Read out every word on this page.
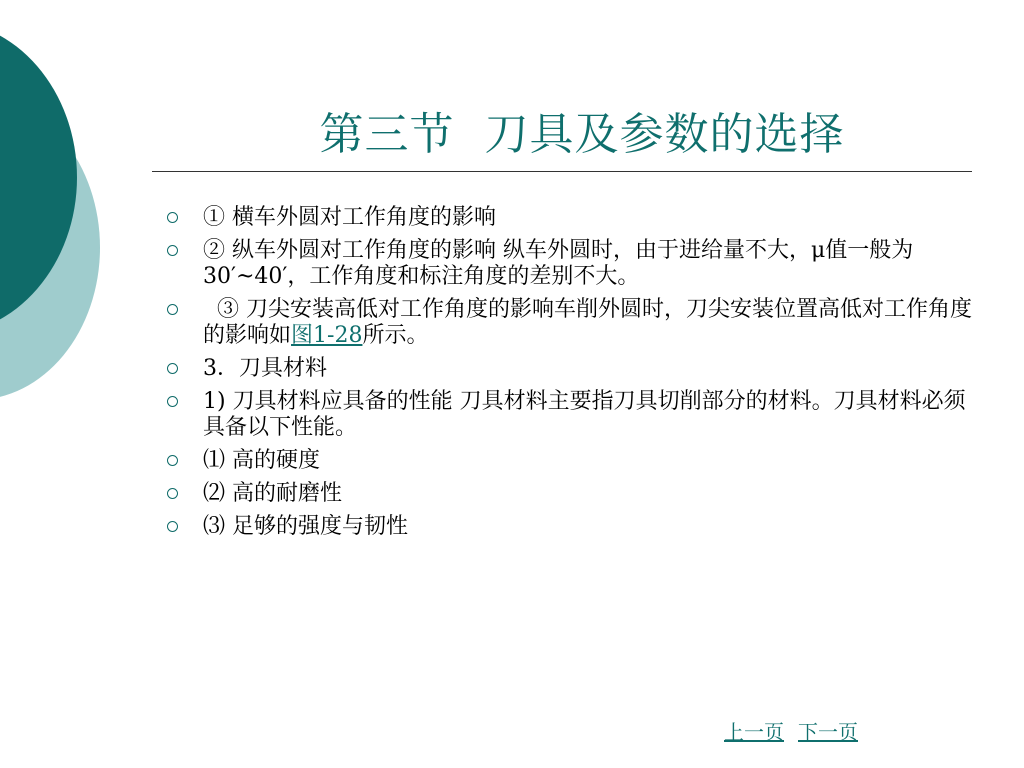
第三节  刀具及参数的选择
① 横车外圆对工作角度的影响
② 纵车外圆对工作角度的影响 纵车外圆时，由于进给量不大，μ值一般为30′~40′，工作角度和标注角度的差别不大。
③ 刀尖安装高低对工作角度的影响车削外圆时，刀尖安装位置高低对工作角度的影响如图1-28所示。
3．刀具材料
1) 刀具材料应具备的性能 刀具材料主要指刀具切削部分的材料。刀具材料必须具备以下性能。
⑴ 高的硬度
⑵ 高的耐磨性
⑶ 足够的强度与韧性
上一页 下一页
